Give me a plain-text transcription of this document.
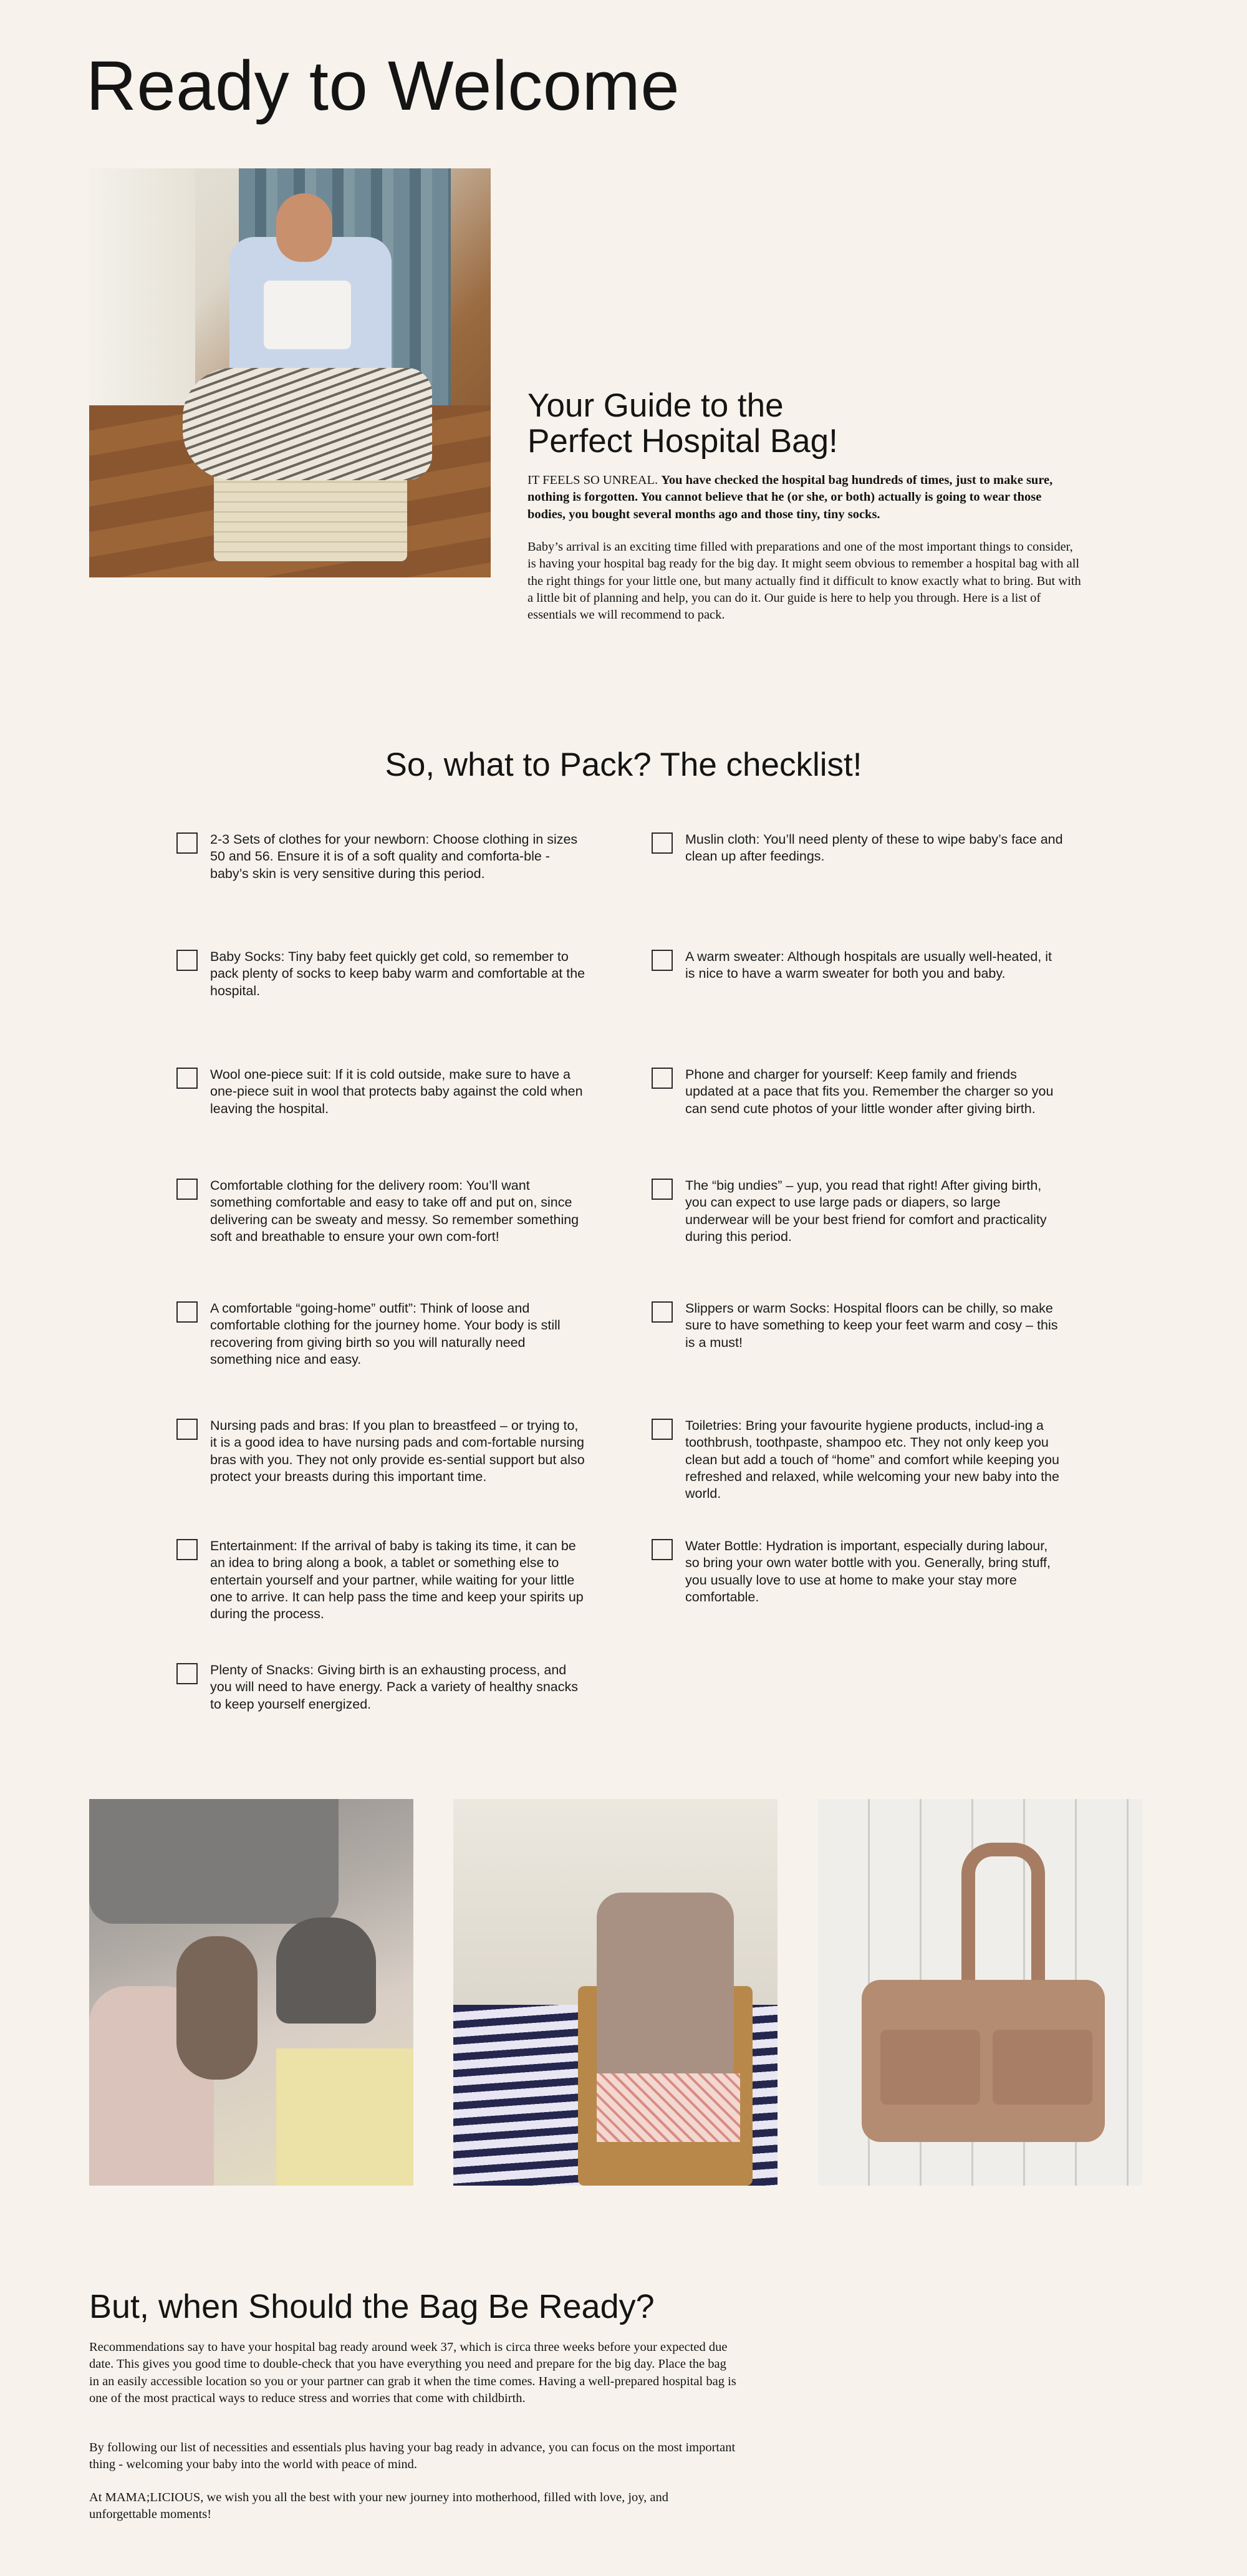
Ready to Welcome
Your Guide to the
Perfect Hospital Bag!

IT FEELS SO UNREAL. You have checked the hospital bag hundreds of times, just to make sure, nothing is forgotten. You cannot believe that he (or she, or both) actually is going to wear those bodies, you bought several months ago and those tiny, tiny socks.

Baby’s arrival is an exciting time filled with preparations and one of the most important things to consider, is having your hospital bag ready for the big day. It might seem obvious to remember a hospital bag with all the right things for your little one, but many actually find it difficult to know exactly what to bring. But with a little bit of planning and help, you can do it. Our guide is here to help you through. Here is a list of essentials we will recommend to pack.

So, what to Pack? The checklist!
2-3 Sets of clothes for your newborn: Choose clothing in sizes 50 and 56. Ensure it is of a soft quality and comforta-ble - baby’s skin is very sensitive during this period.
Baby Socks: Tiny baby feet quickly get cold, so remember to pack plenty of socks to keep baby warm and comfortable at the hospital.
Wool one-piece suit: If it is cold outside, make sure to have a one-piece suit in wool that protects baby against the cold when leaving the hospital.
Comfortable clothing for the delivery room: You’ll want something comfortable and easy to take off and put on, since delivering can be sweaty and messy. So remember something soft and breathable to ensure your own com-fort!
A comfortable “going-home” outfit”: Think of loose and comfortable clothing for the journey home. Your body is still recovering from giving birth so you will naturally need something nice and easy.
Nursing pads and bras: If you plan to breastfeed – or trying to, it is a good idea to have nursing pads and com-fortable nursing bras with you. They not only provide es-sential support but also protect your breasts during this important time.
Entertainment: If the arrival of baby is taking its time, it can be an idea to bring along a book, a tablet or something else to entertain yourself and your partner, while waiting for your little one to arrive. It can help pass the time and keep your spirits up during the process.
Plenty of Snacks: Giving birth is an exhausting process, and you will need to have energy. Pack a variety of healthy snacks to keep yourself energized.
Muslin cloth: You’ll need plenty of these to wipe baby’s face and clean up after feedings.
A warm sweater: Although hospitals are usually well-heated, it is nice to have a warm sweater for both you and baby.
Phone and charger for yourself: Keep family and friends updated at a pace that fits you. Remember the charger so you can send cute photos of your little wonder after giving birth.
The “big undies” – yup, you read that right! After giving birth, you can expect to use large pads or diapers, so large underwear will be your best friend for comfort and practicality during this period.
Slippers or warm Socks: Hospital floors can be chilly, so make sure to have something to keep your feet warm and cosy – this is a must!
Toiletries: Bring your favourite hygiene products, includ-ing a toothbrush, toothpaste, shampoo etc. They not only keep you clean but add a touch of “home” and comfort while keeping you refreshed and relaxed, while welcoming your new baby into the world.
Water Bottle: Hydration is important, especially during labour, so bring your own water bottle with you. Generally, bring stuff, you usually love to use at home to make your stay more comfortable.
But, when Should the Bag Be Ready?

Recommendations say to have your hospital bag ready around week 37, which is circa three weeks before your expected due date. This gives you good time to double-check that you have everything you need and prepare for the big day. Place the bag in an easily accessible location so you or your partner can grab it when the time comes. Having a well-prepared hospital bag is one of the most practical ways to reduce stress and worries that come with childbirth.

By following our list of necessities and essentials plus having your bag ready in advance, you can focus on the most important thing - welcoming your baby into the world with peace of mind.

At MAMA;LICIOUS, we wish you all the best with your new journey into motherhood, filled with love, joy, and unforgettable moments!
